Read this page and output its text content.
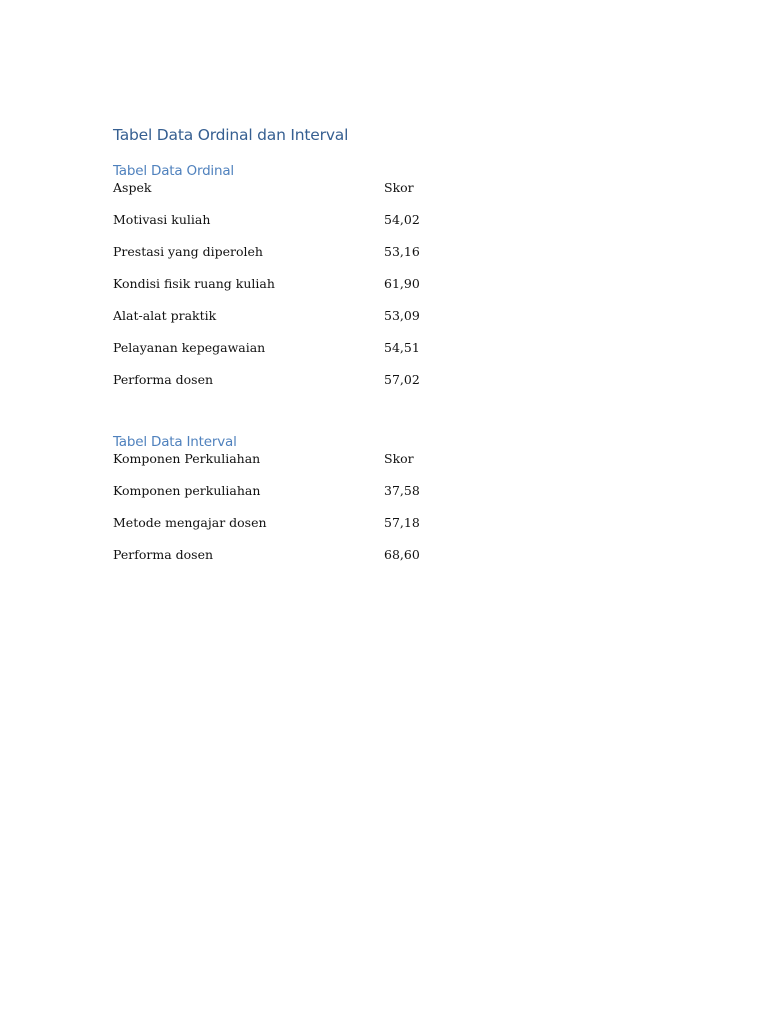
Tabel Data Ordinal dan Interval
Tabel Data Ordinal
Aspek	Skor
Motivasi kuliah	54,02
Prestasi yang diperoleh	53,16
Kondisi fisik ruang kuliah	61,90
Alat-alat praktik	53,09
Pelayanan kepegawaian	54,51
Performa dosen	57,02
Tabel Data Interval
Komponen Perkuliahan	Skor
Komponen perkuliahan	37,58
Metode mengajar dosen	57,18
Performa dosen	68,60
